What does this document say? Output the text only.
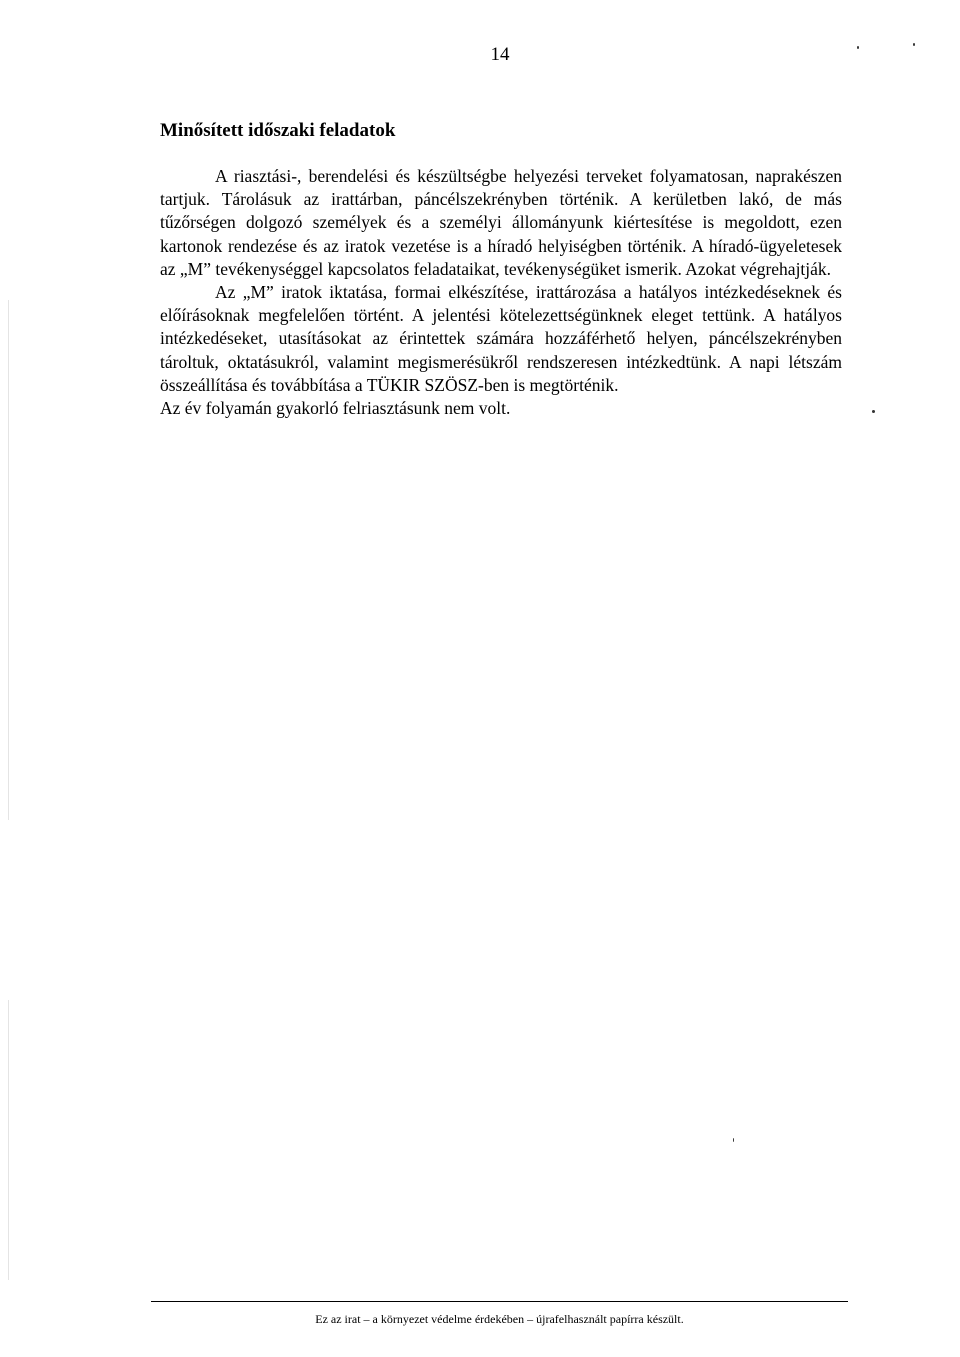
14
Minősített időszaki feladatok

A riasztási-, berendelési és készültségbe helyezési terveket folyamatosan, naprakészen tartjuk. Tárolásuk az irattárban, páncélszekrényben történik. A kerületben lakó, de más tűzőrségen dolgozó személyek és a személyi állományunk kiértesítése is megoldott, ezen kartonok rendezése és az iratok vezetése is a híradó helyiségben történik. A híradó-ügyeletesek az „M” tevékenységgel kapcsolatos feladataikat, tevékenységüket ismerik. Azokat végrehajtják.

Az „M” iratok iktatása, formai elkészítése, irattározása a hatályos intézkedéseknek és előírásoknak megfelelően történt. A jelentési kötelezettségünknek eleget tettünk. A hatályos intézkedéseket, utasításokat az érintettek számára hozzáférhető helyen, páncélszekrényben tároltuk, oktatásukról, valamint megismerésükről rendszeresen intézkedtünk. A napi létszám összeállítása és továbbítása a TÜKIR SZÖSZ-ben is megtörténik.

Az év folyamán gyakorló felriasztásunk nem volt.

Ez az irat – a környezet védelme érdekében – újrafelhasznált papírra készült.
